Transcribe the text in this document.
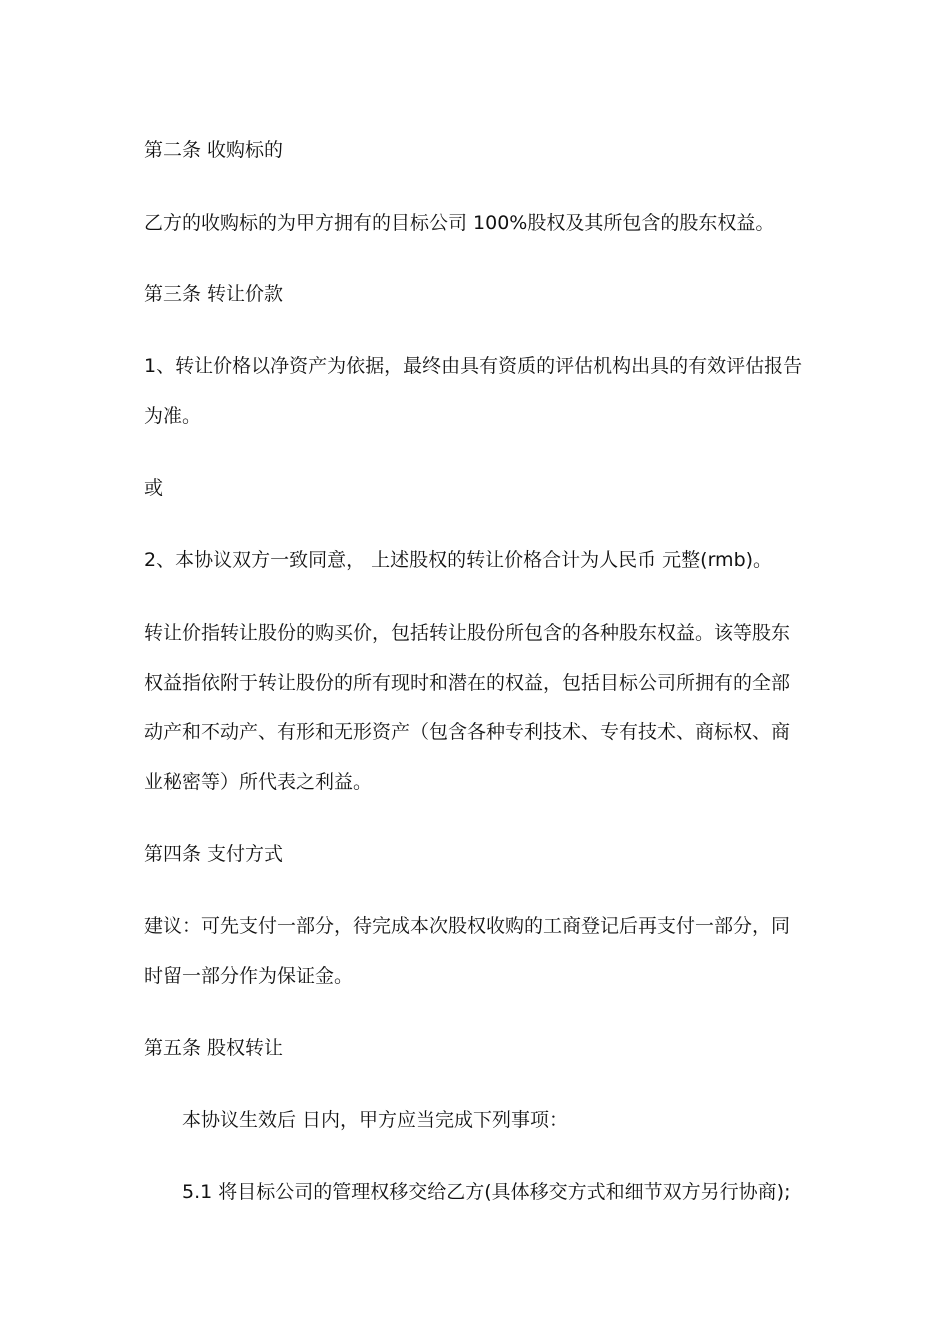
第二条 收购标的
乙方的收购标的为甲方拥有的目标公司 100%股权及其所包含的股东权益。
第三条 转让价款
1、转让价格以净资产为依据，最终由具有资质的评估机构出具的有效评估报告
为准。
或
2、本协议双方一致同意， 上述股权的转让价格合计为人民币 元整(rmb)。
转让价指转让股份的购买价，包括转让股份所包含的各种股东权益。该等股东
权益指依附于转让股份的所有现时和潜在的权益，包括目标公司所拥有的全部
动产和不动产、有形和无形资产（包含各种专利技术、专有技术、商标权、商
业秘密等）所代表之利益。
第四条 支付方式
建议：可先支付一部分，待完成本次股权收购的工商登记后再支付一部分，同
时留一部分作为保证金。
第五条 股权转让
本协议生效后 日内，甲方应当完成下列事项：
5.1 将目标公司的管理权移交给乙方(具体移交方式和细节双方另行协商);
